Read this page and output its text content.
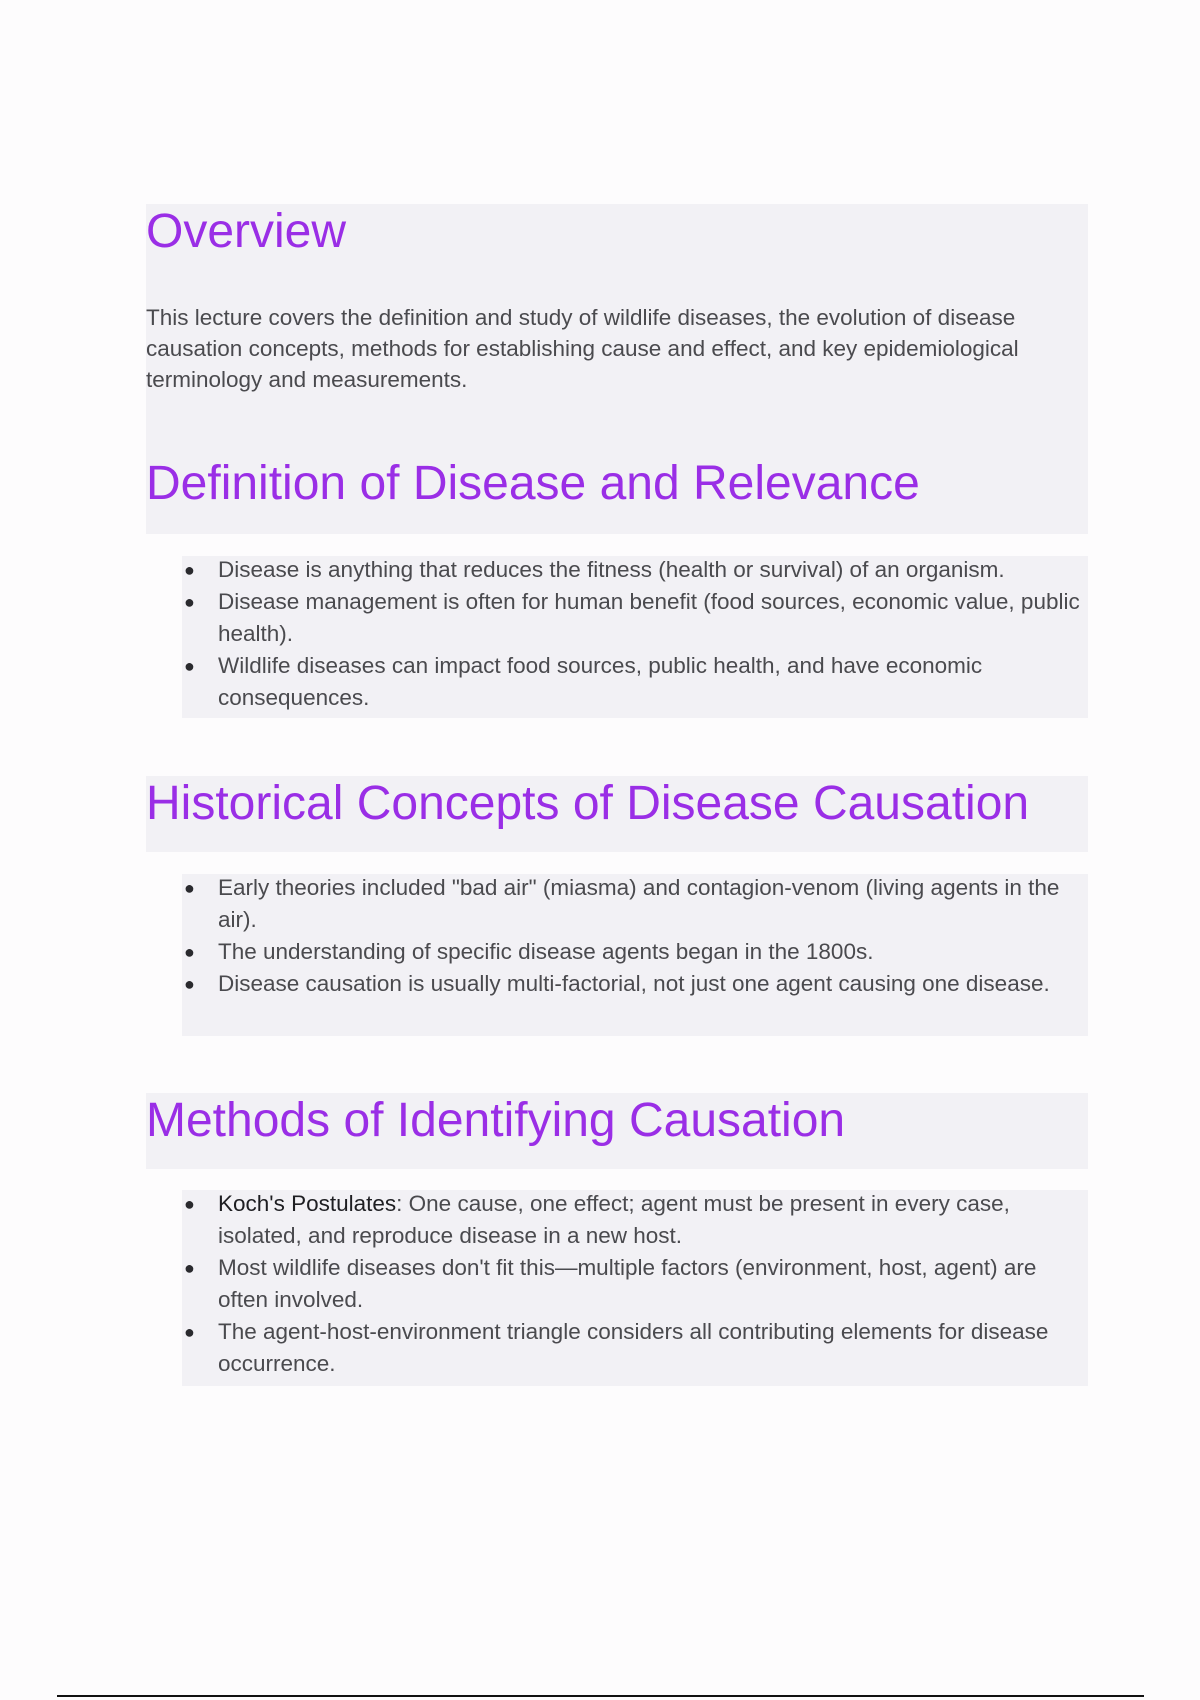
Overview

This lecture covers the definition and study of wildlife diseases, the evolution of disease causation concepts, methods for establishing cause and effect, and key epidemiological terminology and measurements.

Definition of Disease and Relevance
● Disease is anything that reduces the fitness (health or survival) of an organism.
● Disease management is often for human benefit (food sources, economic value, public health).
● Wildlife diseases can impact food sources, public health, and have economic consequences.
Historical Concepts of Disease Causation
● Early theories included "bad air" (miasma) and contagion-venom (living agents in the air).
● The understanding of specific disease agents began in the 1800s.
● Disease causation is usually multi-factorial, not just one agent causing one disease.
Methods of Identifying Causation
● Koch's Postulates: One cause, one effect; agent must be present in every case, isolated, and reproduce disease in a new host.
● Most wildlife diseases don't fit this—multiple factors (environment, host, agent) are often involved.
● The agent-host-environment triangle considers all contributing elements for disease occurrence.
